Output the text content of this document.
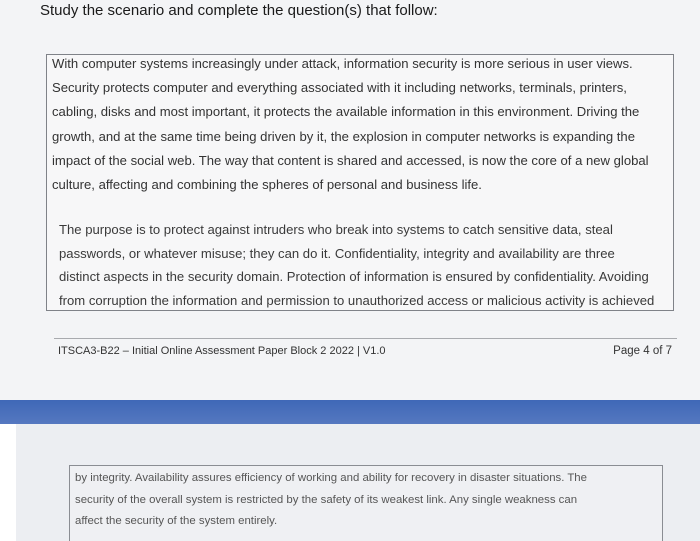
Study the scenario and complete the question(s) that follow:

With computer systems increasingly under attack, information security is more serious in user views.
Security protects computer and everything associated with it including networks, terminals, printers,
cabling, disks and most important, it protects the available information in this environment. Driving the
growth, and at the same time being driven by it, the explosion in computer networks is expanding the
impact of the social web. The way that content is shared and accessed, is now the core of a new global
culture, affecting and combining the spheres of personal and business life.

The purpose is to protect against intruders who break into systems to catch sensitive data, steal
passwords, or whatever misuse; they can do it. Confidentiality, integrity and availability are three
distinct aspects in the security domain. Protection of information is ensured by confidentiality. Avoiding
from corruption the information and permission to unauthorized access or malicious activity is achieved

ITSCA3-B22 – Initial Online Assessment Paper Block 2 2022 | V1.0	Page 4 of 7

by integrity. Availability assures efficiency of working and ability for recovery in disaster situations. The
security of the overall system is restricted by the safety of its weakest link. Any single weakness can
affect the security of the system entirely.
